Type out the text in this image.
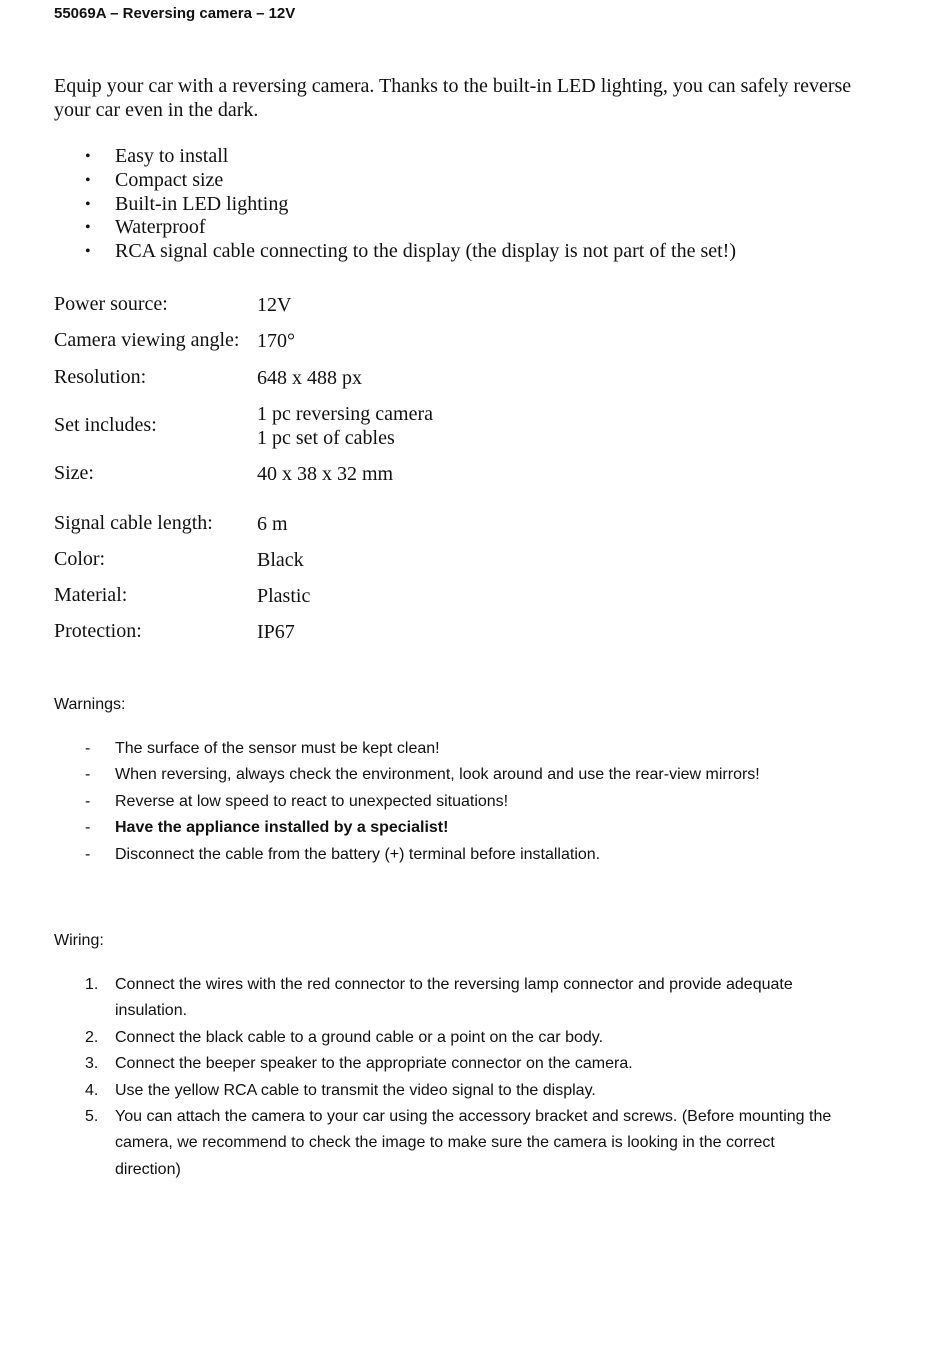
55069A – Reversing camera – 12V
Equip your car with a reversing camera. Thanks to the built-in LED lighting, you can safely reverse your car even in the dark.
• Easy to install
• Compact size
• Built-in LED lighting
• Waterproof
• RCA signal cable connecting to the display (the display is not part of the set!)
Power source:	12V
Camera viewing angle: 170°
Resolution:	648 x 488 px
Set includes:	1 pc reversing camera
1 pc set of cables
Size:	40 x 38 x 32 mm
Signal cable length: 6 m
Color:	Black
Material:	Plastic
Protection:	IP67
Warnings:
- The surface of the sensor must be kept clean!
- When reversing, always check the environment, look around and use the rear-view mirrors!
- Reverse at low speed to react to unexpected situations!
- Have the appliance installed by a specialist!
- Disconnect the cable from the battery (+) terminal before installation.
Wiring:
1. Connect the wires with the red connector to the reversing lamp connector and provide adequate insulation.
2. Connect the black cable to a ground cable or a point on the car body.
3. Connect the beeper speaker to the appropriate connector on the camera.
4. Use the yellow RCA cable to transmit the video signal to the display.
5. You can attach the camera to your car using the accessory bracket and screws. (Before mounting the camera, we recommend to check the image to make sure the camera is looking in the correct direction)
